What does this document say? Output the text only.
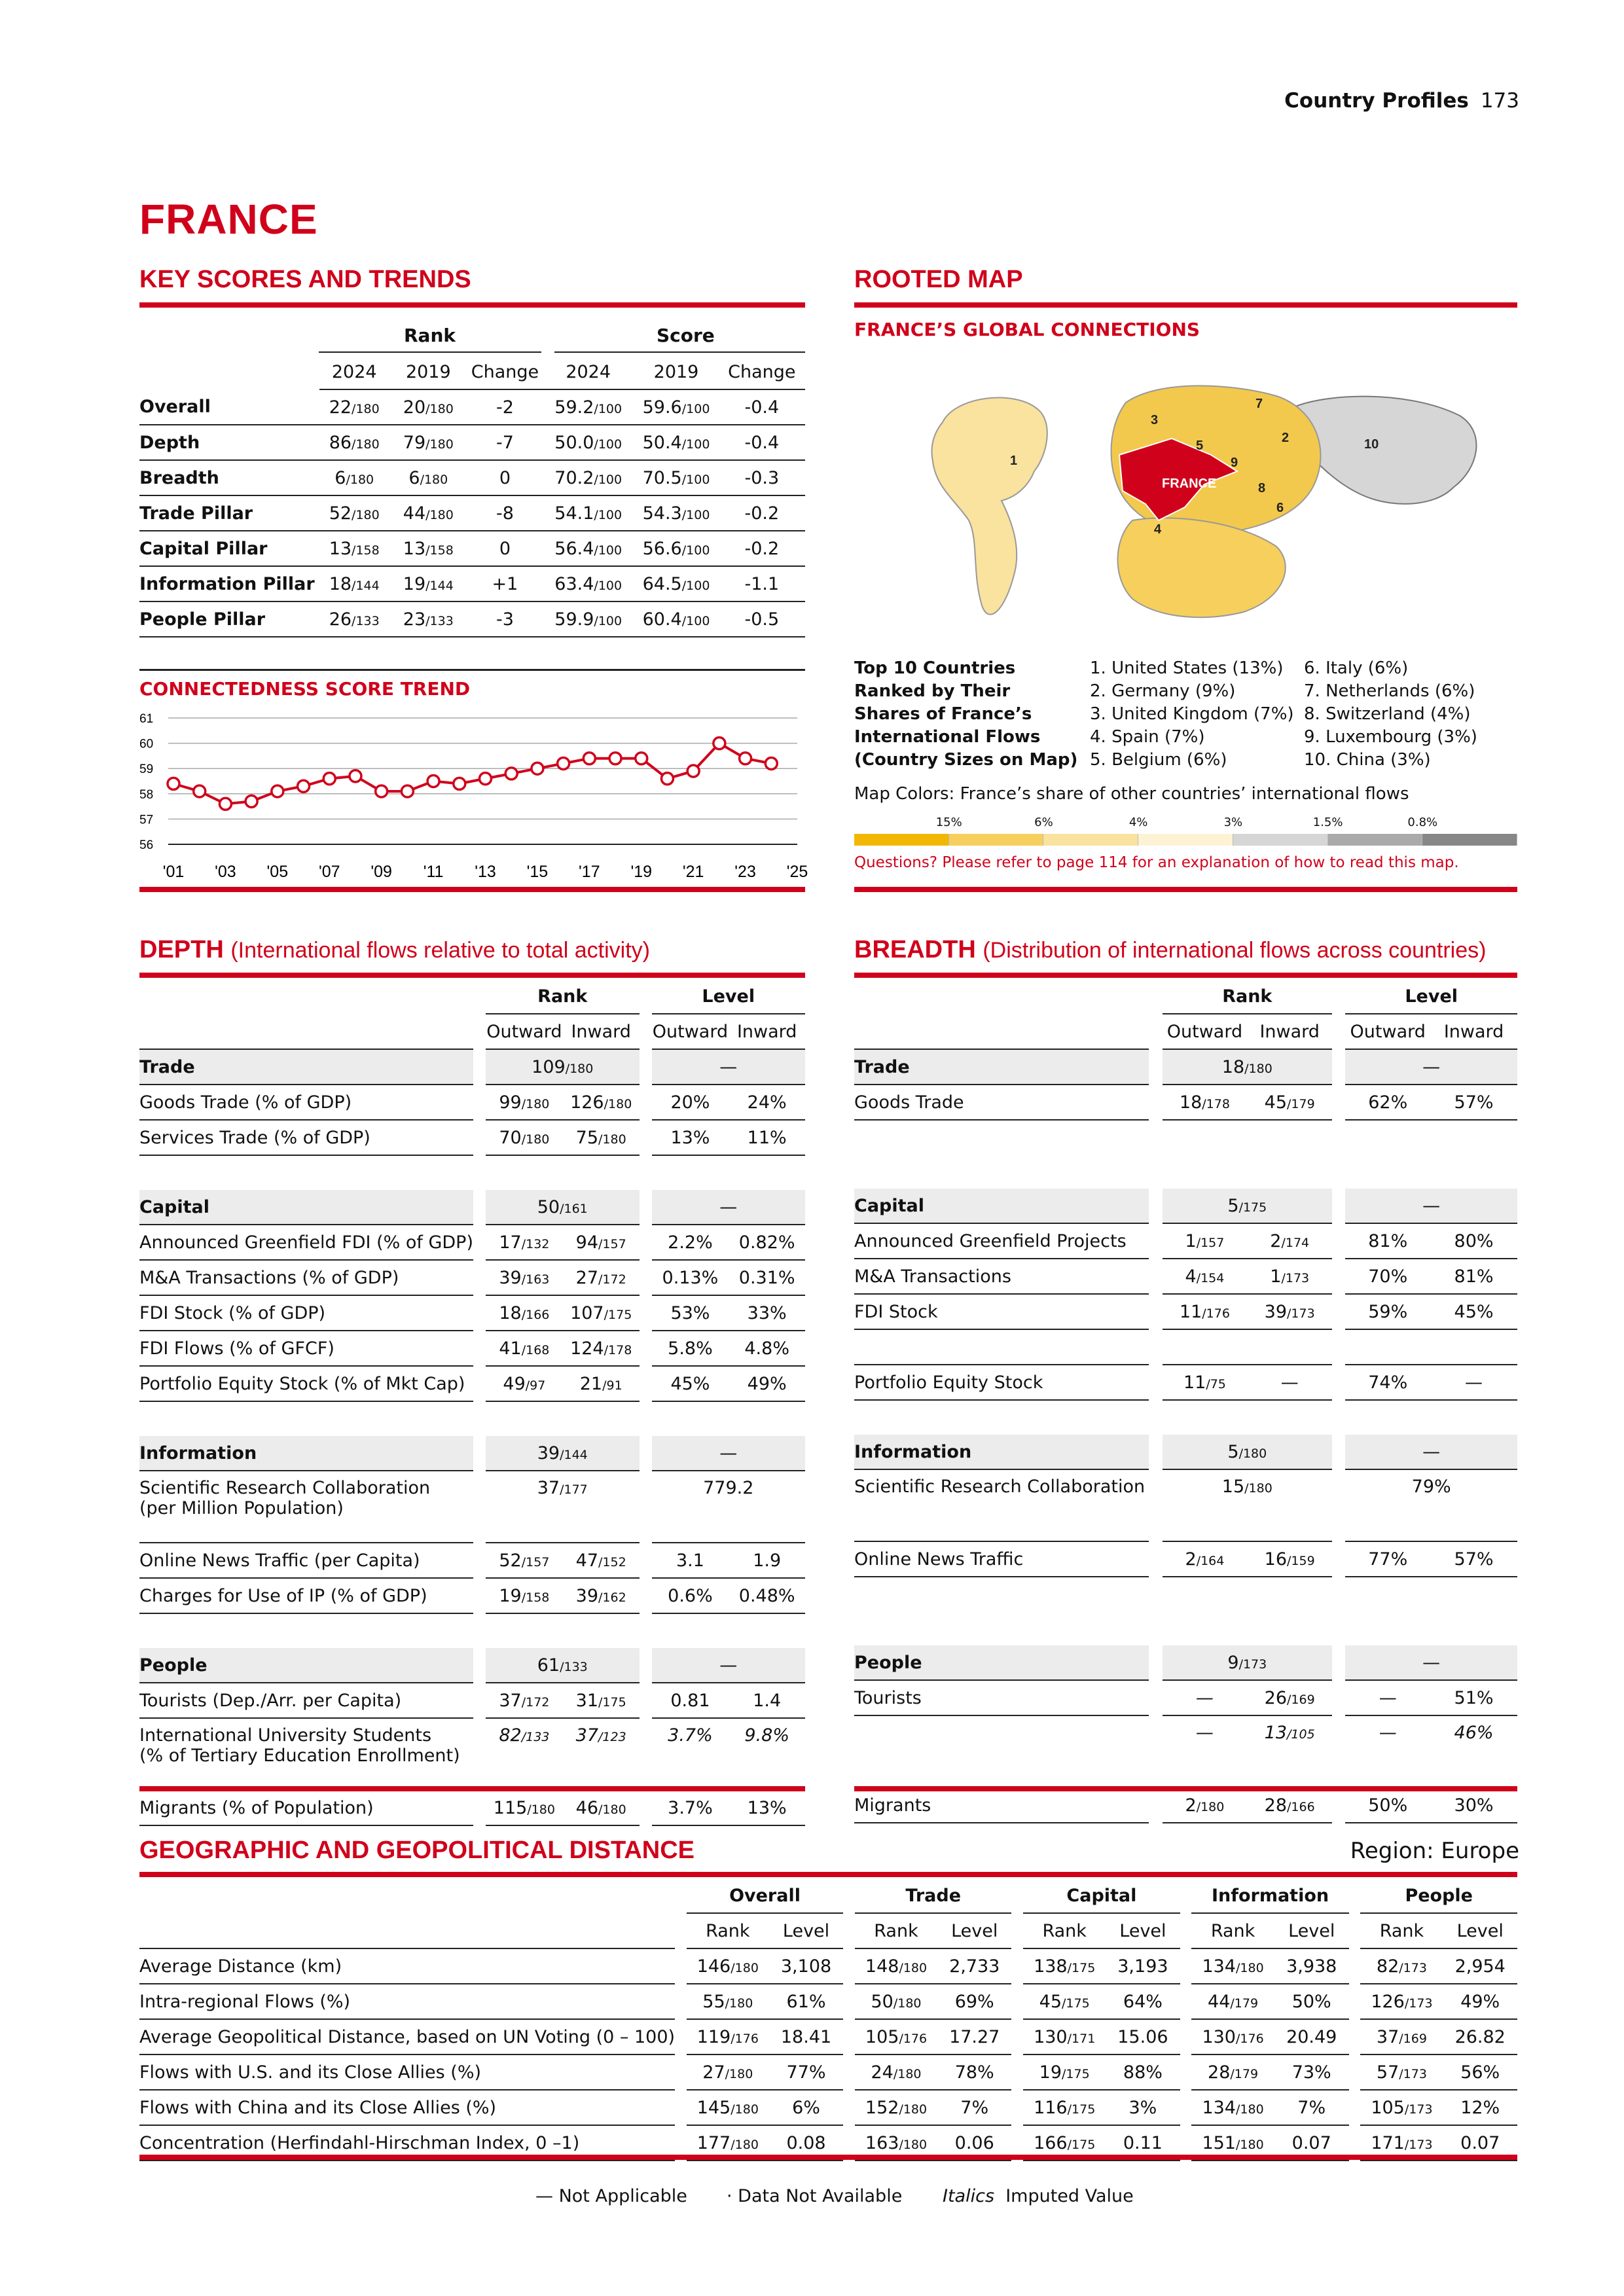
Country Profiles 173
FRANCE
KEY SCORES AND TRENDS
Rank	Score
	2024	2019	Change	2024	2019	Change
Overall	22/180	20/180	-2	59.2/100	59.6/100	-0.4
Depth	86/180	79/180	-7	50.0/100	50.4/100	-0.4
Breadth	6/180	6/180	0	70.2/100	70.5/100	-0.3
Trade Pillar	52/180	44/180	-8	54.1/100	54.3/100	-0.2
Capital Pillar	13/158	13/158	0	56.4/100	56.6/100	-0.2
Information Pillar	18/144	19/144	+1	63.4/100	64.5/100	-1.1
People Pillar	26/133	23/133	-3	59.9/100	60.4/100	-0.5
CONNECTEDNESS SCORE TREND
56
57
58
59
60
61
'01 '03 '05 '07 '09 '11 '13 '15 '17 '19 '21 '23 '25
ROOTED MAP
FRANCE’S GLOBAL CONNECTIONS
FRANCE
1
2
3
4
5
6
7
8
9
10
Top 10 Countries
Ranked by Their
Shares of France’s
International Flows
(Country Sizes on Map)
1. United States (13%)
2. Germany (9%)
3. United Kingdom (7%)
4. Spain (7%)
5. Belgium (6%)
6. Italy (6%)
7. Netherlands (6%)
8. Switzerland (4%)
9. Luxembourg (3%)
10. China (3%)
Map Colors: France’s share of other countries’ international flows
15%	6%	4%	3%	1.5%	0.8%
Questions? Please refer to page 114 for an explanation of how to read this map.
DEPTH (International flows relative to total activity)
		Rank			Level	
		Outward	Inward		Outward	Inward
Trade		109/180			—	
Goods Trade (% of GDP)		99/180	126/180		20%	24%
Services Trade (% of GDP)		70/180	75/180		13%	11%

Capital		50/161			—	
Announced Greenfield FDI (% of GDP)		17/132	94/157		2.2%	0.82%
M&A Transactions (% of GDP)		39/163	27/172		0.13%	0.31%
FDI Stock (% of GDP)		18/166	107/175		53%	33%
FDI Flows (% of GFCF)		41/168	124/178		5.8%	4.8%
Portfolio Equity Stock (% of Mkt Cap)		49/97	21/91		45%	49%

Information		39/144			—	

Scientific Research Collaboration
(per Million Population)		37/177			779.2	
Online News Traffic (per Capita)		52/157	47/152		3.1	1.9
Charges for Use of IP (% of GDP)		19/158	39/162		0.6%	0.48%

People		61/133			—	
Tourists (Dep./Arr. per Capita)		37/172	31/175		0.81	1.4

International University Students
(% of Tertiary Education Enrollment)		82/133	37/123		3.7%	9.8%
Migrants (% of Population)		115/180	46/180		3.7%	13%
BREADTH (Distribution of international flows across countries)
		Rank			Level	
		Outward	Inward		Outward	Inward
Trade		18/180			—	
Goods Trade		18/178	45/179		62%	57%

Capital		5/175			—	
Announced Greenfield Projects		1/157	2/174		81%	80%
M&A Transactions		4/154	1/173		70%	81%
FDI Stock		11/176	39/173		59%	45%

Portfolio Equity Stock		11/75	—		74%	—

Information		5/180			—	
Scientific Research Collaboration		15/180			79%	
Online News Traffic		2/164	16/159		77%	57%

People		9/173			—	
Tourists		—	26/169		—	51%

		—	13/105		—	46%
Migrants		2/180	28/166		50%	30%
GEOGRAPHIC AND GEOPOLITICAL DISTANCE	Region: Europe
		Overall			Trade			Capital			Information			People	
		Rank	Level		Rank	Level		Rank	Level		Rank	Level		Rank	Level
Average Distance (km)		146/180	3,108		148/180	2,733		138/175	3,193		134/180	3,938		82/173	2,954
Intra-regional Flows (%)		55/180	61%		50/180	69%		45/175	64%		44/179	50%		126/173	49%
Average Geopolitical Distance, based on UN Voting (0 – 100)		119/176	18.41		105/176	17.27		130/171	15.06		130/176	20.49		37/169	26.82
Flows with U.S. and its Close Allies (%)		27/180	77%		24/180	78%		19/175	88%		28/179	73%		57/173	56%
Flows with China and its Close Allies (%)		145/180	6%		152/180	7%		116/175	3%		134/180	7%		105/173	12%
Concentration (Herfindahl-Hirschman Index, 0 –1)		177/180	0.08		163/180	0.06		166/175	0.11		151/180	0.07		171/173	0.07
— Not Applicable · Data Not Available Italics Imputed Value
